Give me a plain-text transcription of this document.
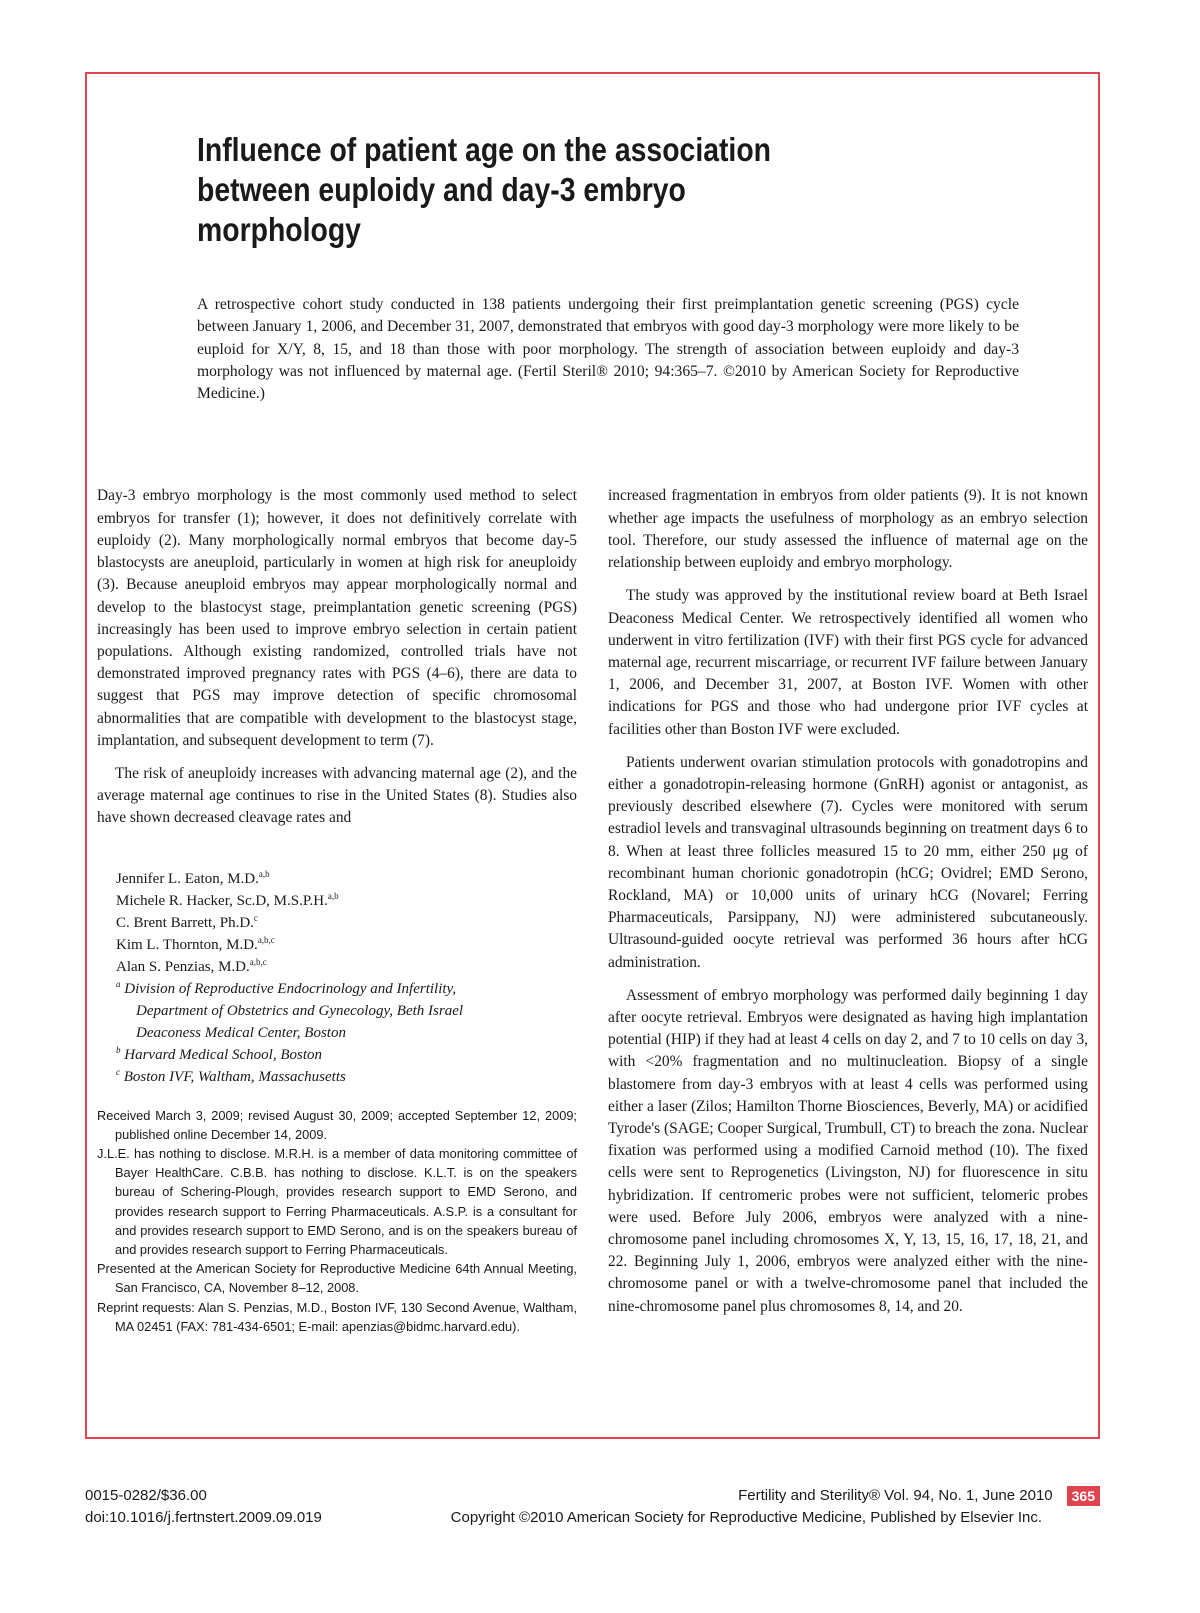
Influence of patient age on the association between euploidy and day-3 embryo morphology
A retrospective cohort study conducted in 138 patients undergoing their first preimplantation genetic screening (PGS) cycle between January 1, 2006, and December 31, 2007, demonstrated that embryos with good day-3 morphology were more likely to be euploid for X/Y, 8, 15, and 18 than those with poor morphology. The strength of association between euploidy and day-3 morphology was not influenced by maternal age. (Fertil Steril® 2010; 94:365–7. ©2010 by American Society for Reproductive Medicine.)

Day-3 embryo morphology is the most commonly used method to select embryos for transfer (1); however, it does not definitively correlate with euploidy (2). Many morphologically normal embryos that become day-5 blastocysts are aneuploid, particularly in women at high risk for aneuploidy (3). Because aneuploid embryos may appear morphologically normal and develop to the blastocyst stage, preimplantation genetic screening (PGS) increasingly has been used to improve embryo selection in certain patient populations. Although existing randomized, controlled trials have not demonstrated improved pregnancy rates with PGS (4–6), there are data to suggest that PGS may improve detection of specific chromosomal abnormalities that are compatible with development to the blastocyst stage, implantation, and subsequent development to term (7).

The risk of aneuploidy increases with advancing maternal age (2), and the average maternal age continues to rise in the United States (8). Studies also have shown decreased cleavage rates and

Jennifer L. Eaton, M.D.$^{a,b}$
Michele R. Hacker, Sc.D, M.S.P.H.$^{a,b}$
C. Brent Barrett, Ph.D.$^c$
Kim L. Thornton, M.D.$^{a,b,c}$
Alan S. Penzias, M.D.$^{a,b,c}$
$^a$ Division of Reproductive Endocrinology and Infertility,
Department of Obstetrics and Gynecology, Beth Israel
Deaconess Medical Center, Boston
$^b$ Harvard Medical School, Boston
$^c$ Boston IVF, Waltham, Massachusetts

Received March 3, 2009; revised August 30, 2009; accepted September 12, 2009; published online December 14, 2009.

J.L.E. has nothing to disclose. M.R.H. is a member of data monitoring committee of Bayer HealthCare. C.B.B. has nothing to disclose. K.L.T. is on the speakers bureau of Schering-Plough, provides research support to EMD Serono, and provides research support to Ferring Pharmaceuticals. A.S.P. is a consultant for and provides research support to EMD Serono, and is on the speakers bureau of and provides research support to Ferring Pharmaceuticals.

Presented at the American Society for Reproductive Medicine 64th Annual Meeting, San Francisco, CA, November 8–12, 2008.

Reprint requests: Alan S. Penzias, M.D., Boston IVF, 130 Second Avenue, Waltham, MA 02451 (FAX: 781-434-6501; E-mail: apenzias@bidmc.harvard.edu).

increased fragmentation in embryos from older patients (9). It is not known whether age impacts the usefulness of morphology as an embryo selection tool. Therefore, our study assessed the influence of maternal age on the relationship between euploidy and embryo morphology.

The study was approved by the institutional review board at Beth Israel Deaconess Medical Center. We retrospectively identified all women who underwent in vitro fertilization (IVF) with their first PGS cycle for advanced maternal age, recurrent miscarriage, or recurrent IVF failure between January 1, 2006, and December 31, 2007, at Boston IVF. Women with other indications for PGS and those who had undergone prior IVF cycles at facilities other than Boston IVF were excluded.

Patients underwent ovarian stimulation protocols with gonadotropins and either a gonadotropin-releasing hormone (GnRH) agonist or antagonist, as previously described elsewhere (7). Cycles were monitored with serum estradiol levels and transvaginal ultrasounds beginning on treatment days 6 to 8. When at least three follicles measured 15 to 20 mm, either 250 μg of recombinant human chorionic gonadotropin (hCG; Ovidrel; EMD Serono, Rockland, MA) or 10,000 units of urinary hCG (Novarel; Ferring Pharmaceuticals, Parsippany, NJ) were administered subcutaneously. Ultrasound-guided oocyte retrieval was performed 36 hours after hCG administration.

Assessment of embryo morphology was performed daily beginning 1 day after oocyte retrieval. Embryos were designated as having high implantation potential (HIP) if they had at least 4 cells on day 2, and 7 to 10 cells on day 3, with <20% fragmentation and no multinucleation. Biopsy of a single blastomere from day-3 embryos with at least 4 cells was performed using either a laser (Zilos; Hamilton Thorne Biosciences, Beverly, MA) or acidified Tyrode's (SAGE; Cooper Surgical, Trumbull, CT) to breach the zona. Nuclear fixation was performed using a modified Carnoid method (10). The fixed cells were sent to Reprogenetics (Livingston, NJ) for fluorescence in situ hybridization. If centromeric probes were not sufficient, telomeric probes were used. Before July 2006, embryos were analyzed with a nine-chromosome panel including chromosomes X, Y, 13, 15, 16, 17, 18, 21, and 22. Beginning July 1, 2006, embryos were analyzed either with the nine-chromosome panel or with a twelve-chromosome panel that included the nine-chromosome panel plus chromosomes 8, 14, and 20.

0015-0282/$36.00	Fertility and Sterility® Vol. 94, No. 1, June 2010	365
doi:10.1016/j.fertnstert.2009.09.019	Copyright ©2010 American Society for Reproductive Medicine, Published by Elsevier Inc.
